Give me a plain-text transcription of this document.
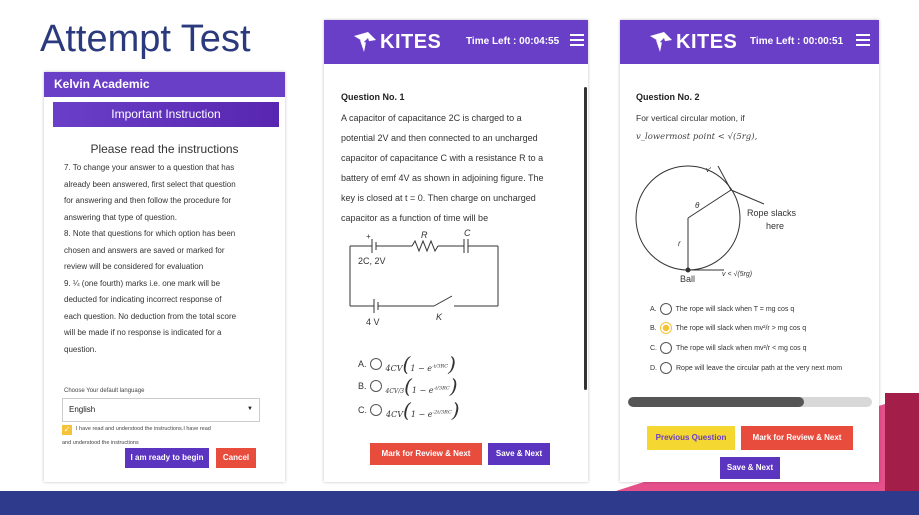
Attempt Test
Kelvin Academic
Important Instruction
Please read the instructions
7. To change your answer to a question that has
already been answered, first select that question
for answering and then follow the procedure for
answering that type of question.
8. Note that questions for which option has been
chosen and answers are saved or marked for
review will be considered for evaluation
9. ¼ (one fourth) marks i.e. one mark will be
deducted for indicating incorrect response of
each question. No deduction from the total score
will be made if no response is indicated for a
question.
Choose Your default language
English	▼
✓	I have read and understood the instructions.I have read
and understood the instructions
I am ready to begin	Cancel
KITES Time Left : 00:04:55
Question No. 1
A capacitor of capacitance 2C is charged to a
potential 2V and then connected to an uncharged
capacitor of capacitance C with a resistance R to a
battery of emf 4V as shown in adjoining figure. The
key is closed at t = 0. Then charge on uncharged
capacitor as a function of time will be
+	R	C
2C, 2V
4 V	K
A. $4CV(1 - e^{-t/3RC})$
B.
$4CV/3(1 - e^{-t/3RC})$
C. $4CV(1 - e^{-2t/3RC})$
Mark for Review & Next	Save & Next
KITES Time Left : 00:00:51
Question No. 2
For vertical circular motion, if
v_lowermost point < √(5rg),
v'
θ
r
Rope slacks
here
v < √(5rg)
Ball
A.	The rope will slack when T = mg cos q
B.	The rope will slack when mv²/r > mg cos q
C.	The rope will slack when mv²/r < mg cos q
D.	Rope will leave the circular path at the very next mom
Previous Question	Mark for Review & Next
Save & Next
